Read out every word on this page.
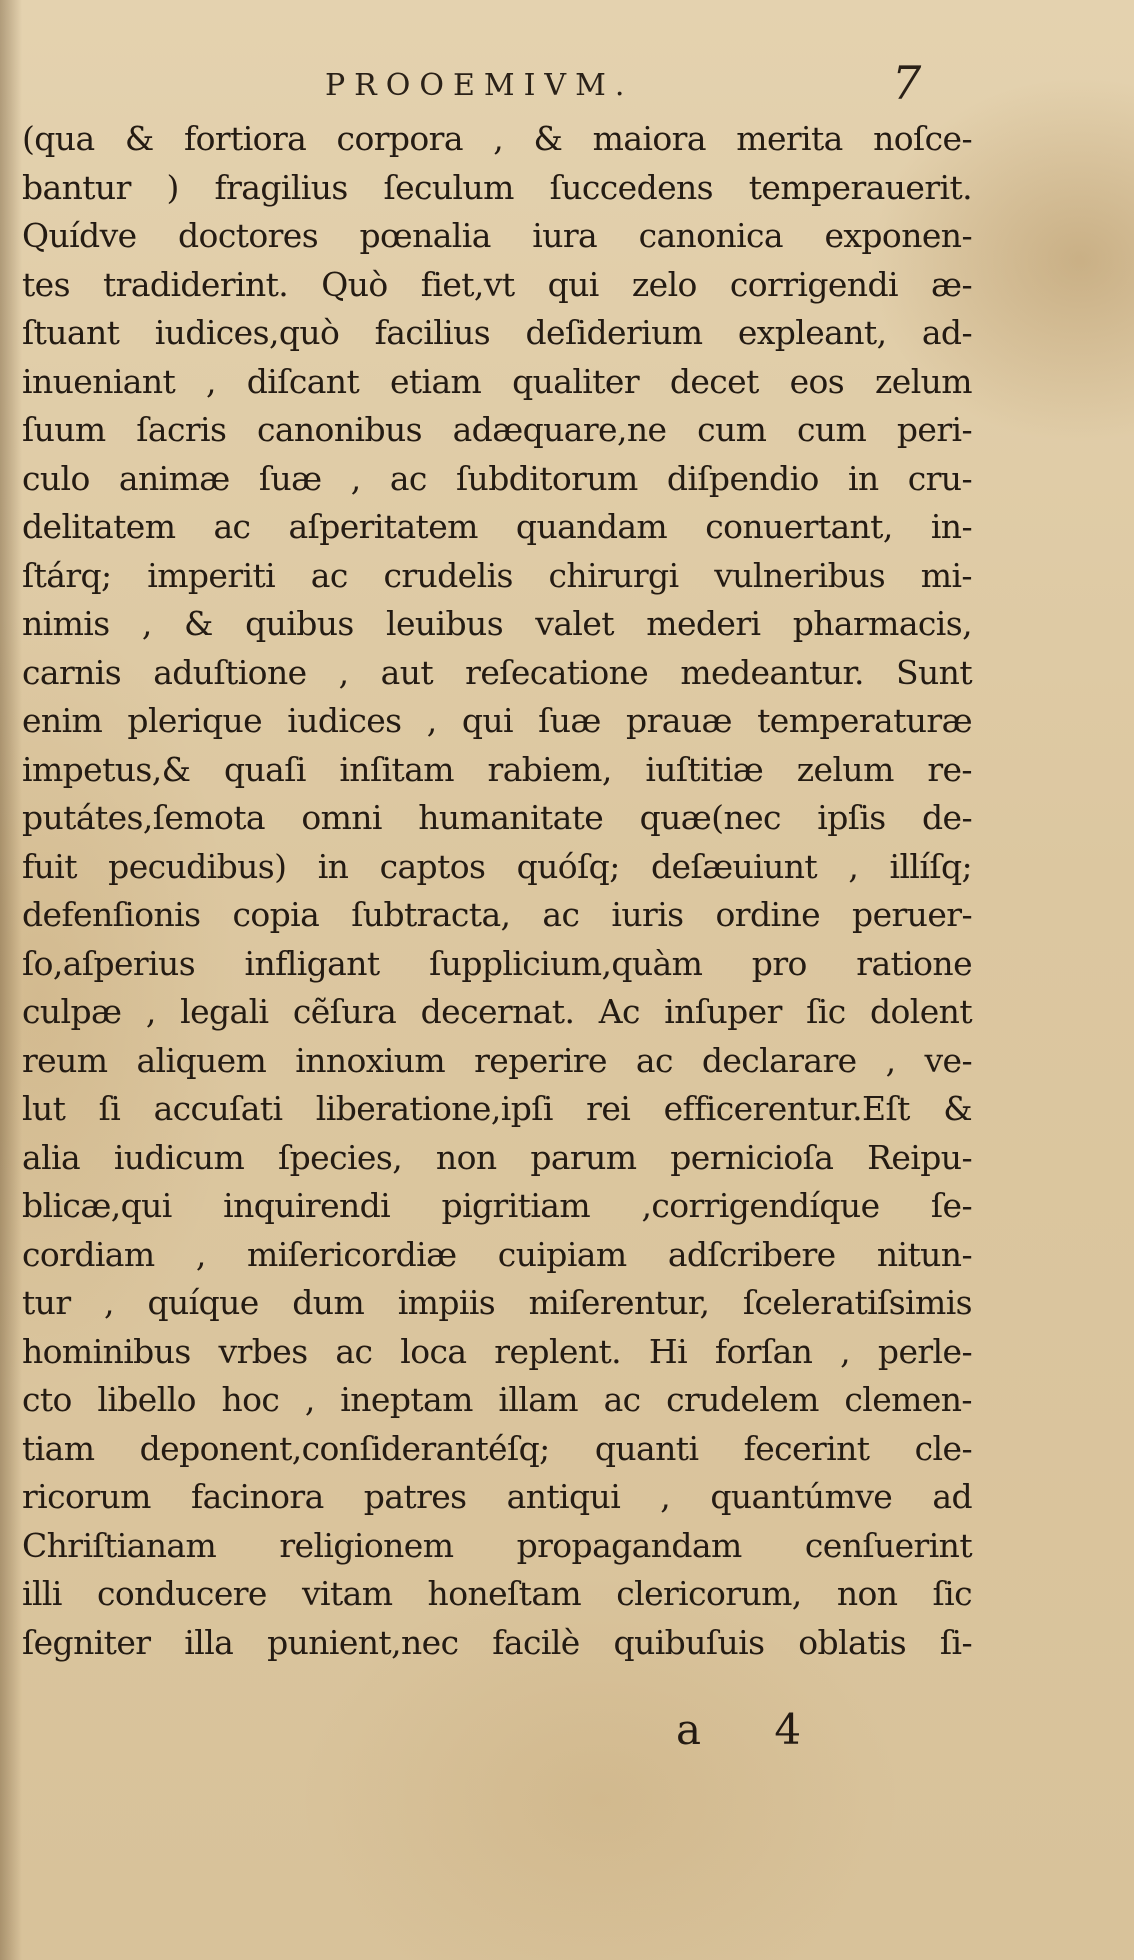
PROOEMIVM.	7
(qua & fortiora corpora , & maiora merita noſce-
bantur ) fragilius ſeculum ſuccedens temperauerit.
Quídve doctores pœnalia iura canonica exponen-
tes tradiderint. Quò fiet,vt qui zelo corrigendi æ-
ſtuant iudices,quò facilius deſiderium expleant, ad-
inueniant , diſcant etiam qualiter decet eos zelum
ſuum ſacris canonibus adæquare,ne cum cum peri-
culo animæ ſuæ , ac ſubditorum diſpendio in cru-
delitatem ac aſperitatem quandam conuertant, in-
ſtárq; imperiti ac crudelis chirurgi vulneribus mi-
nimis , & quibus leuibus valet mederi pharmacis,
carnis aduſtione , aut reſecatione medeantur. Sunt
enim plerique iudices , qui ſuæ prauæ temperaturæ
impetus,& quaſi inſitam rabiem, iuſtitiæ zelum re-
putátes,ſemota omni humanitate quæ(nec ipſis de-
fuit pecudibus) in captos quóſq; deſæuiunt , illíſq;
defenſionis copia ſubtracta, ac iuris ordine peruer-
ſo,aſperius infligant ſupplicium,quàm pro ratione
culpæ , legali cẽſura decernat. Ac inſuper ſic dolent
reum aliquem innoxium reperire ac declarare , ve-
lut ſi accuſati liberatione,ipſi rei efficerentur.Eſt &
alia iudicum ſpecies, non parum pernicioſa Reipu-
blicæ,qui inquirendi pigritiam ,corrigendíque ſe-
cordiam , miſericordiæ cuipiam adſcribere nitun-
tur , quíque dum impiis miſerentur, ſceleratiſsimis
hominibus vrbes ac loca replent. Hi forſan , perle-
cto libello hoc , ineptam illam ac crudelem clemen-
tiam deponent,conſiderantéſq; quanti fecerint cle-
ricorum facinora patres antiqui , quantúmve ad
Chriſtianam religionem propagandam cenſuerint
illi conducere vitam honeſtam clericorum, non ſic
ſegniter illa punient,nec facilè quibuſuis oblatis ſi-
a 4
